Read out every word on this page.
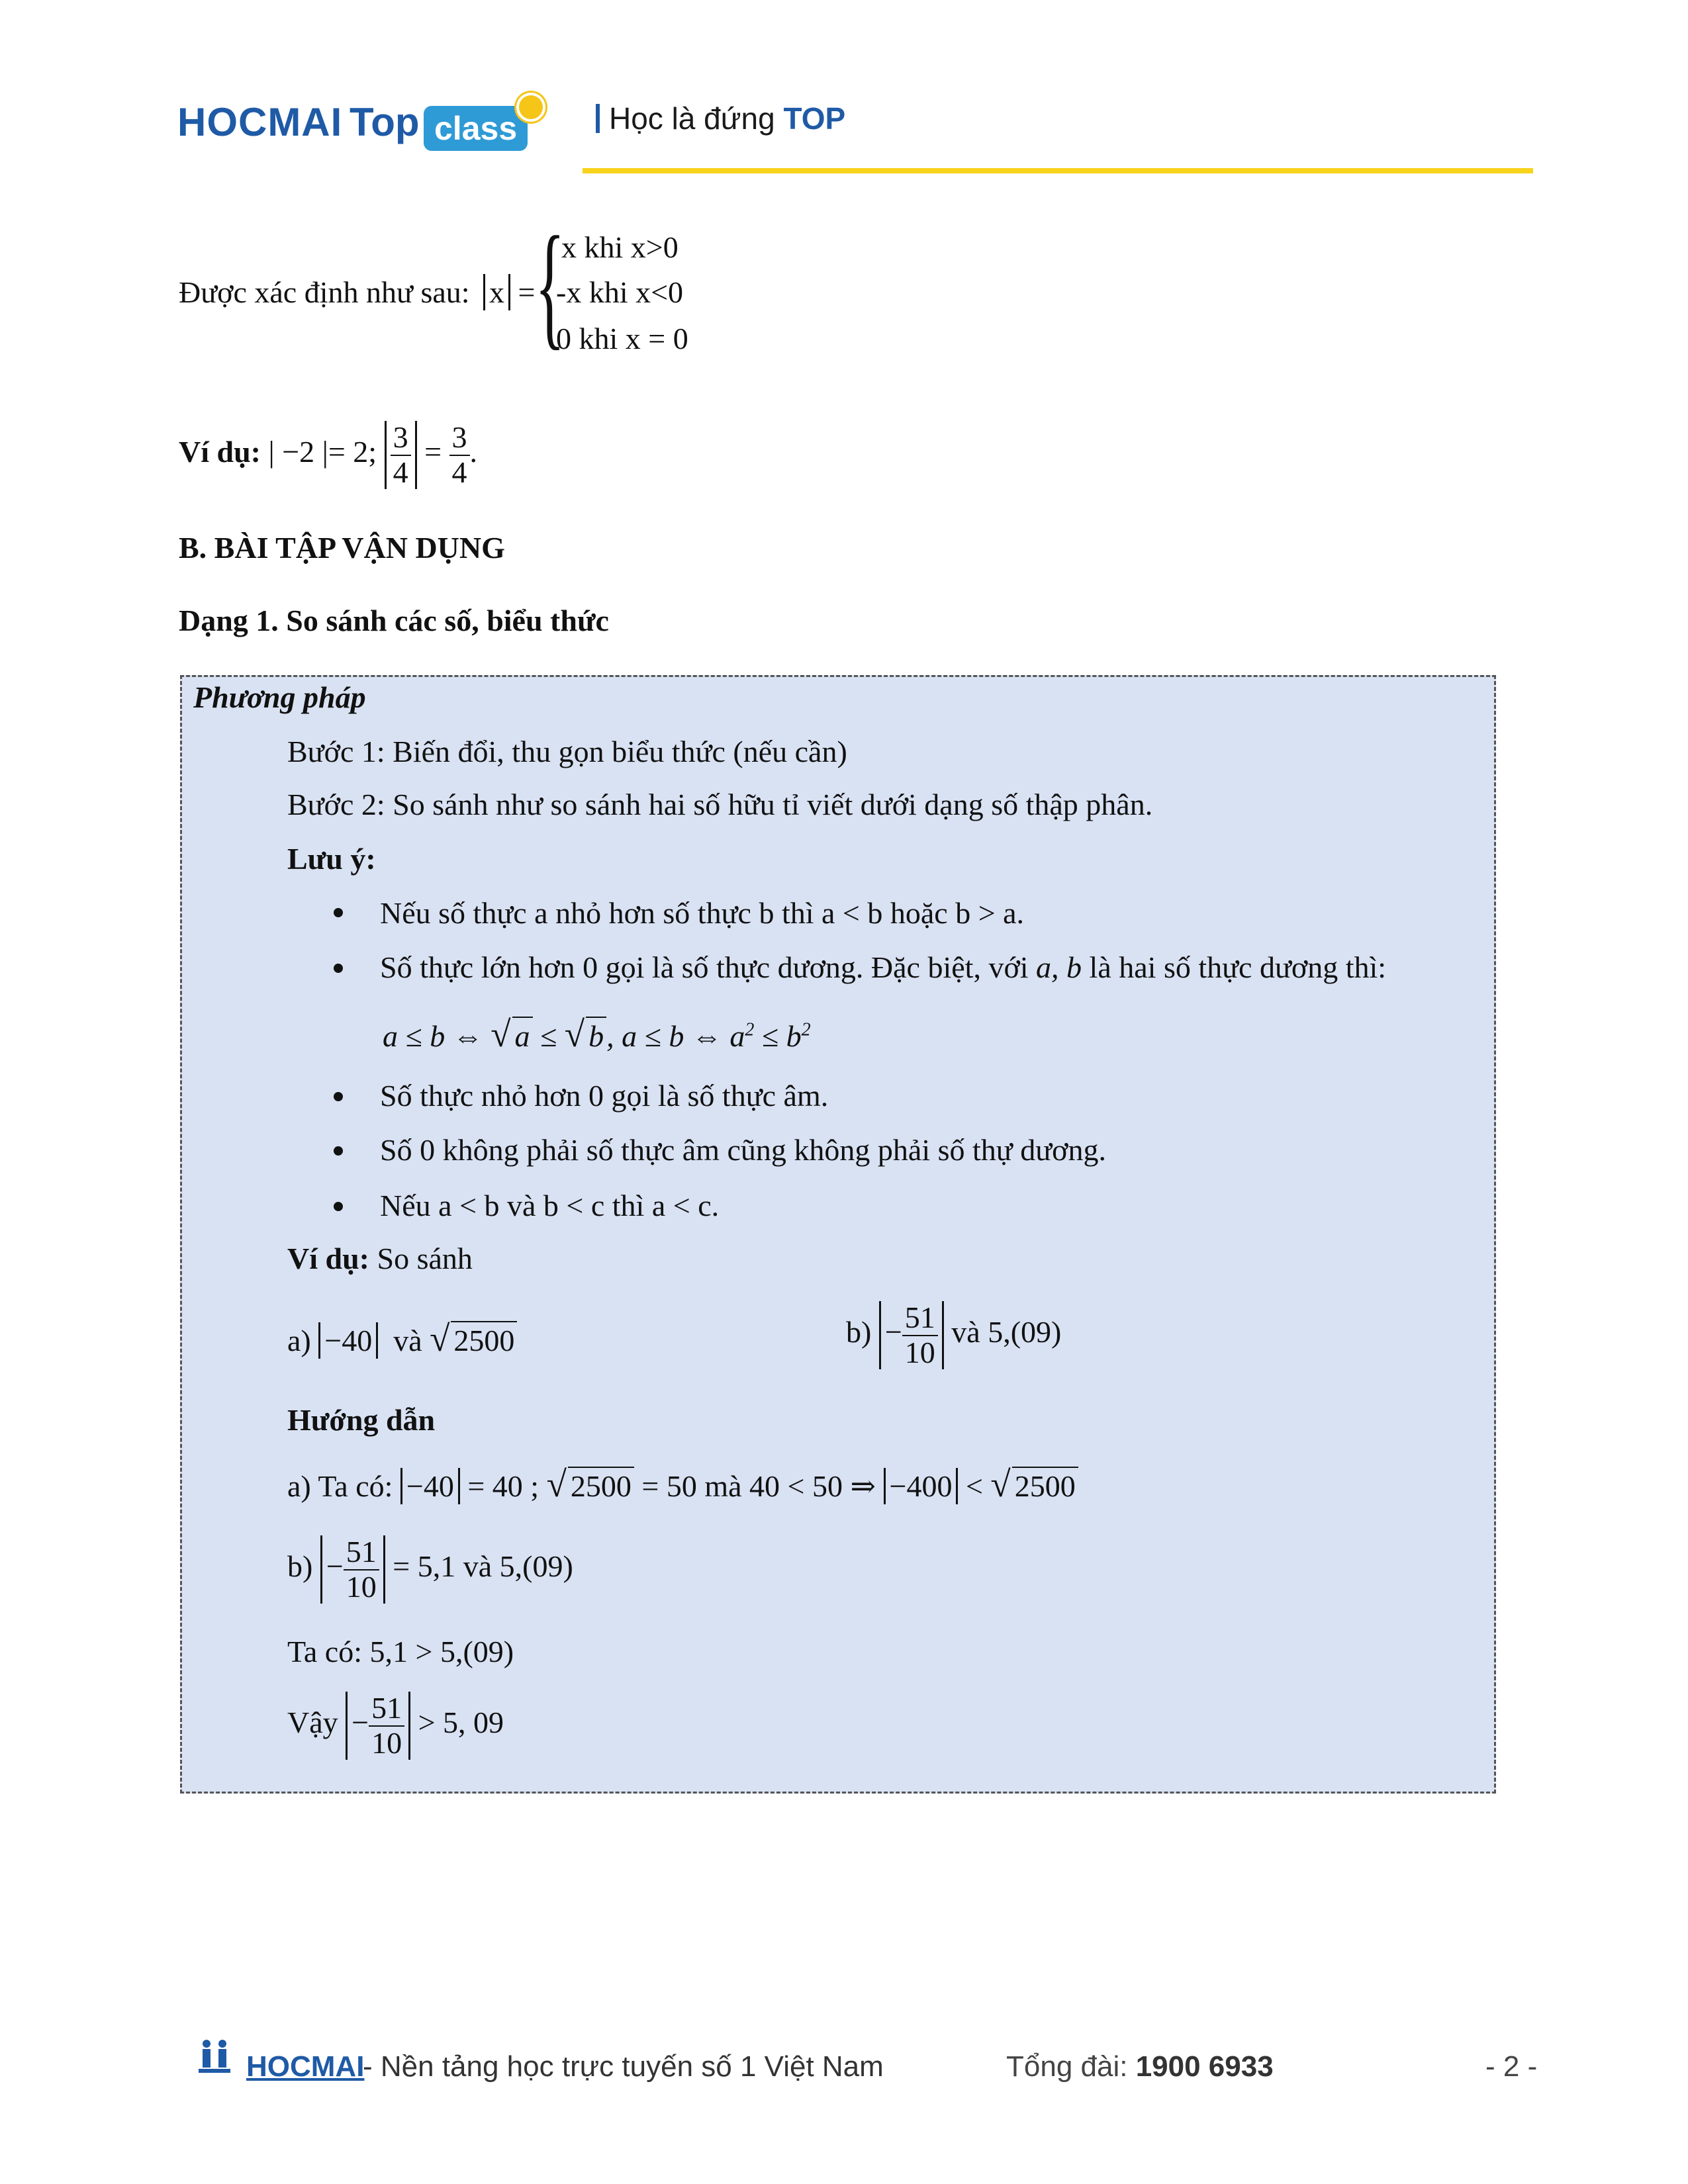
HOCMAI Top class	Học là đứng TOP
Được xác định như sau: x = {
x khi x>0
-x khi x<0
0 khi x = 0
Ví dụ: | −2 |= 2; $\frac{3}{4} = \frac{3}{4}$ .
B. BÀI TẬP VẬN DỤNG
Dạng 1. So sánh các số, biểu thức
Phương pháp
Bước 1: Biến đổi, thu gọn biểu thức (nếu cần)
Bước 2: So sánh như so sánh hai số hữu tỉ viết dưới dạng số thập phân.
Lưu ý:
Nếu số thực a nhỏ hơn số thực b thì a < b hoặc b > a.
Số thực lớn hơn 0 gọi là số thực dương. Đặc biệt, với a, b là hai số thực dương thì:
a ≤ b ⇔ √ a ≤ √ b, a ≤ b ⇔ $a^2 \le b^2$
Số thực nhỏ hơn 0 gọi là số thực âm.
Số 0 không phải số thực âm cũng không phải số thự dương.
Nếu a < b và b < c thì a < c.
Ví dụ: So sánh
a) −40 và √ 2500	$b) - \frac{51}{10}$ và 5,(09)
Hướng dẫn
a) Ta có: −40 = 40 ; √ 2500 = 50 mà 40 < 50 ⇒ −400 < √ 2500
$b) - \frac{51}{10} = 5,1$ và 5,(09)
Ta có: 5,1 > 5,(09)
Vậy − $\frac{51}{10} > 5$, 09
HOCMAI
- Nền tảng học trực tuyến số 1 Việt Nam	Tổng đài: 1900 6933	- 2 -
